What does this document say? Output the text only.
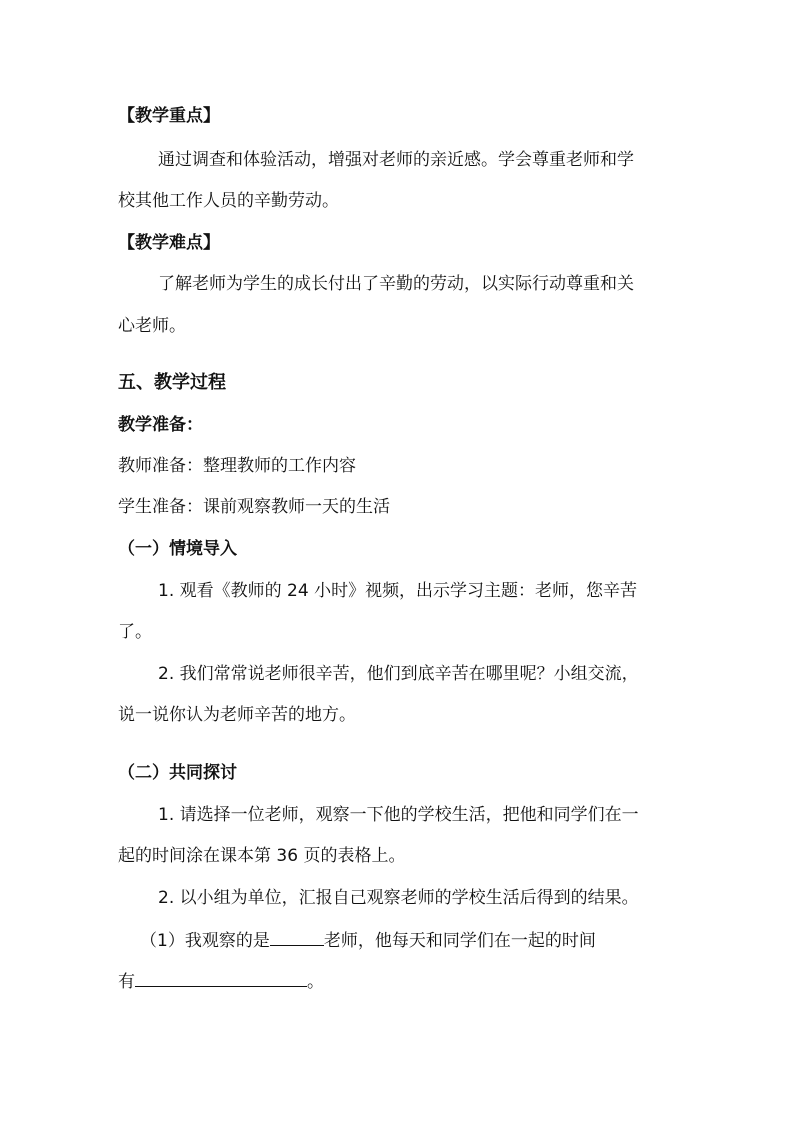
【教学重点】
通过调查和体验活动，增强对老师的亲近感。学会尊重老师和学
校其他工作人员的辛勤劳动。
【教学难点】
了解老师为学生的成长付出了辛勤的劳动，以实际行动尊重和关
心老师。
五、教学过程
教学准备：
教师准备：整理教师的工作内容
学生准备：课前观察教师一天的生活
（一）情境导入
1. 观看《教师的 24 小时》视频，出示学习主题：老师，您辛苦
了。
2. 我们常常说老师很辛苦，他们到底辛苦在哪里呢？小组交流，
说一说你认为老师辛苦的地方。
（二）共同探讨
1. 请选择一位老师，观察一下他的学校生活，把他和同学们在一
起的时间涂在课本第 36 页的表格上。
2. 以小组为单位，汇报自己观察老师的学校生活后得到的结果。
（1）我观察的是	老师，他每天和同学们在一起的时间
有	。
